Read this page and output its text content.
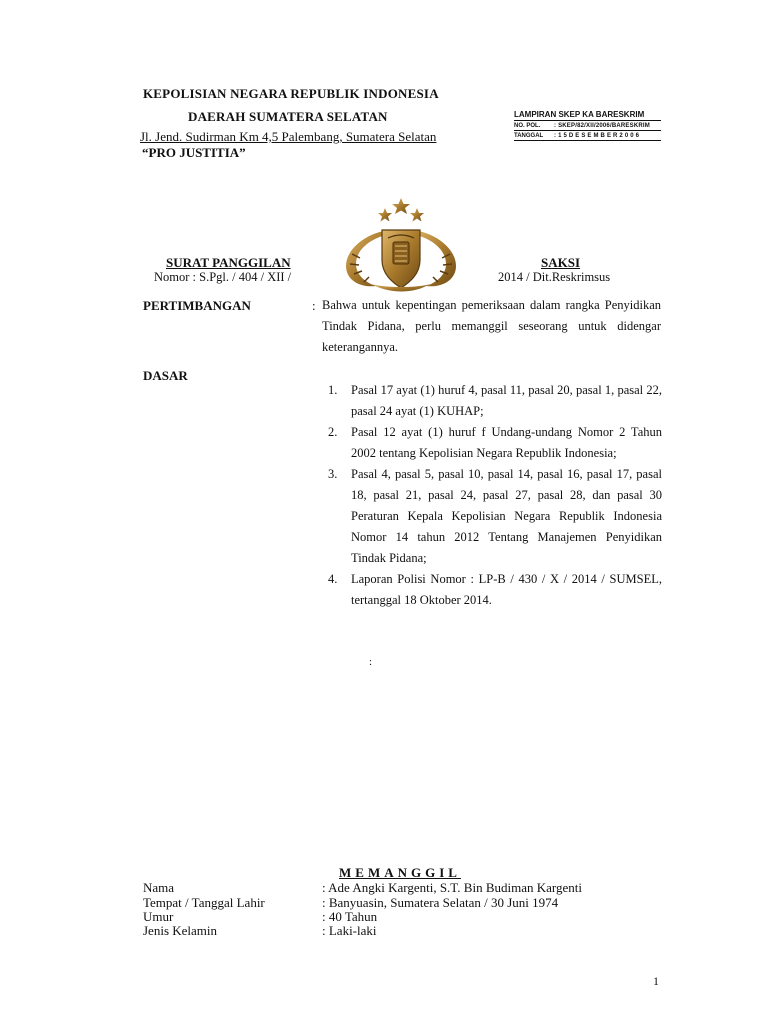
KEPOLISIAN NEGARA REPUBLIK INDONESIA
DAERAH SUMATERA SELATAN
Jl. Jend. Sudirman Km 4,5 Palembang, Sumatera Selatan
“PRO JUSTITIA”
LAMPIRAN SKEP KA BARESKRIM
NO. POL.	: SKEP/82/XII/2006/BARESKRIM
TANGGAL	: 1 5 D E S E M B E R 2 0 0 6
SURAT PANGGILAN	SAKSI
Nomor : S.Pgl. / 404 / XII /	2014 / Dit.Reskrimsus
PERTIMBANGAN	: Bahwa untuk kepentingan pemeriksaan dalam rangka Penyidikan Tindak Pidana, perlu memanggil seseorang untuk didengar keterangannya.
DASAR
1.	Pasal 17 ayat (1) huruf 4, pasal 11, pasal 20, pasal 1, pasal 22, pasal 24 ayat (1) KUHAP;
2.	Pasal 12 ayat (1) huruf f Undang-undang Nomor 2 Tahun 2002 tentang Kepolisian Negara Republik Indonesia;
3.	Pasal 4, pasal 5, pasal 10, pasal 14, pasal 16, pasal 17, pasal 18, pasal 21, pasal 24, pasal 27, pasal 28, dan pasal 30 Peraturan Kepala Kepolisian Negara Republik Indonesia Nomor 14 tahun 2012 Tentang Manajemen Penyidikan Tindak Pidana;
4.	Laporan Polisi Nomor : LP-B / 430 / X / 2014 / SUMSEL, tertanggal 18 Oktober 2014.
:
MEMANGGIL
Nama	: Ade Angki Kargenti, S.T. Bin Budiman Kargenti
Tempat / Tanggal Lahir	: Banyuasin, Sumatera Selatan / 30 Juni 1974
Umur	: 40 Tahun
Jenis Kelamin	: Laki-laki
1
